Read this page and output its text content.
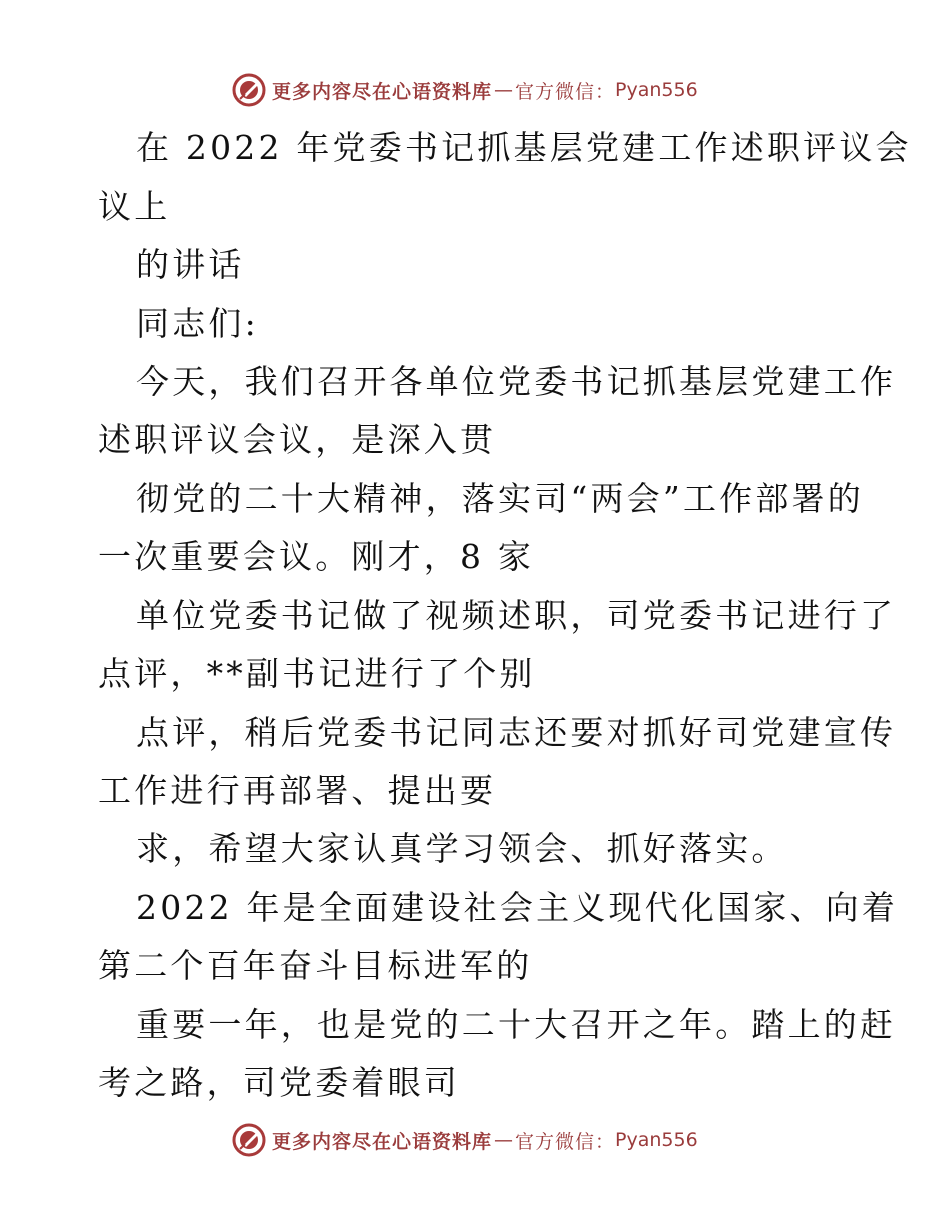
更多内容尽在心语资料库 — 官方微信： Pyan556
在 2022 年党委书记抓基层党建工作述职评议会
议上
的讲话
同志们:
今天，我们召开各单位党委书记抓基层党建工作
述职评议会议，是深入贯
彻党的二十大精神，落实司“两会”工作部署的
一次重要会议。刚才，8 家
单位党委书记做了视频述职，司党委书记进行了
点评，**副书记进行了个别
点评，稍后党委书记同志还要对抓好司党建宣传
工作进行再部署、提出要
求，希望大家认真学习领会、抓好落实。
2022 年是全面建设社会主义现代化国家、向着
第二个百年奋斗目标进军的
重要一年，也是党的二十大召开之年。踏上的赶
考之路，司党委着眼司
更多内容尽在心语资料库 — 官方微信： Pyan556
